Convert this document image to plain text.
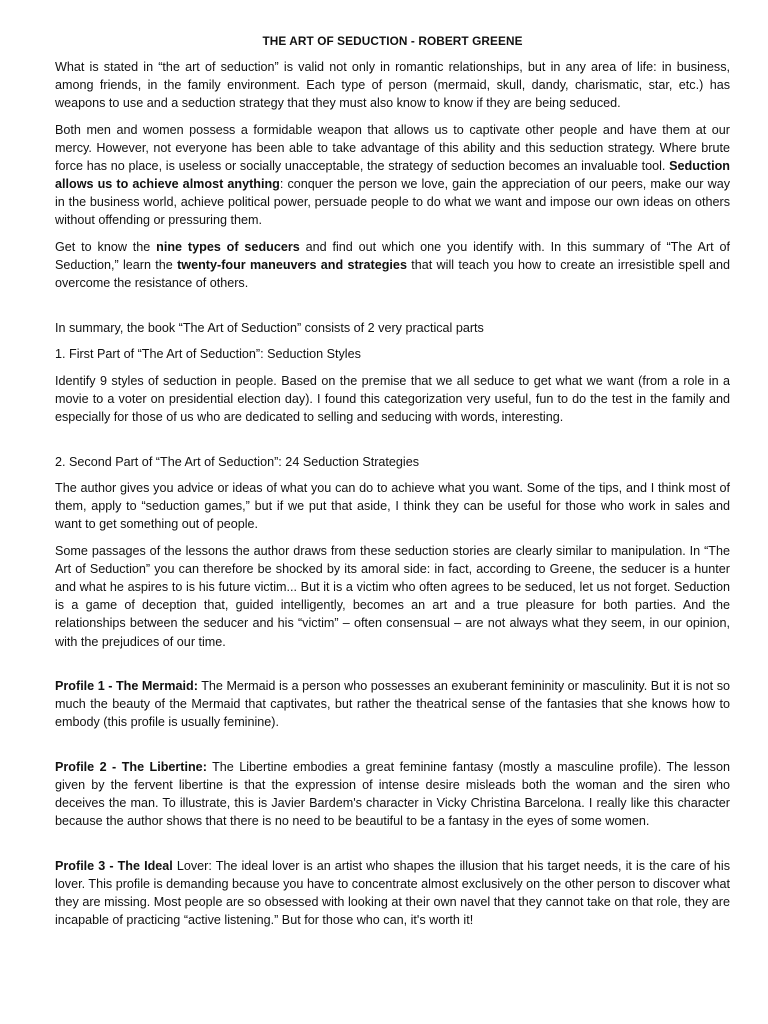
THE ART OF SEDUCTION - ROBERT GREENE

What is stated in “the art of seduction” is valid not only in romantic relationships, but in any area of life: in business, among friends, in the family environment. Each type of person (mermaid, skull, dandy, charismatic, star, etc.) has weapons to use and a seduction strategy that they must also know to know if they are being seduced.

Both men and women possess a formidable weapon that allows us to captivate other people and have them at our mercy. However, not everyone has been able to take advantage of this ability and this seduction strategy. Where brute force has no place, is useless or socially unacceptable, the strategy of seduction becomes an invaluable tool. Seduction allows us to achieve almost anything: conquer the person we love, gain the appreciation of our peers, make our way in the business world, achieve political power, persuade people to do what we want and impose our own ideas on others without offending or pressuring them.

Get to know the nine types of seducers and find out which one you identify with. In this summary of “The Art of Seduction,” learn the twenty-four maneuvers and strategies that will teach you how to create an irresistible spell and overcome the resistance of others.

In summary, the book “The Art of Seduction” consists of 2 very practical parts

1. First Part of “The Art of Seduction”: Seduction Styles

Identify 9 styles of seduction in people. Based on the premise that we all seduce to get what we want (from a role in a movie to a voter on presidential election day). I found this categorization very useful, fun to do the test in the family and especially for those of us who are dedicated to selling and seducing with words, interesting.

2. Second Part of “The Art of Seduction”: 24 Seduction Strategies

The author gives you advice or ideas of what you can do to achieve what you want. Some of the tips, and I think most of them, apply to “seduction games,” but if we put that aside, I think they can be useful for those who work in sales and want to get something out of people.

Some passages of the lessons the author draws from these seduction stories are clearly similar to manipulation. In “The Art of Seduction” you can therefore be shocked by its amoral side: in fact, according to Greene, the seducer is a hunter and what he aspires to is his future victim... But it is a victim who often agrees to be seduced, let us not forget. Seduction is a game of deception that, guided intelligently, becomes an art and a true pleasure for both parties. And the relationships between the seducer and his “victim” – often consensual – are not always what they seem, in our opinion, with the prejudices of our time.

Profile 1 - The Mermaid: The Mermaid is a person who possesses an exuberant femininity or masculinity. But it is not so much the beauty of the Mermaid that captivates, but rather the theatrical sense of the fantasies that she knows how to embody (this profile is usually feminine).

Profile 2 - The Libertine: The Libertine embodies a great feminine fantasy (mostly a masculine profile). The lesson given by the fervent libertine is that the expression of intense desire misleads both the woman and the siren who deceives the man. To illustrate, this is Javier Bardem's character in Vicky Christina Barcelona. I really like this character because the author shows that there is no need to be beautiful to be a fantasy in the eyes of some women.

Profile 3 - The Ideal Lover: The ideal lover is an artist who shapes the illusion that his target needs, it is the care of his lover. This profile is demanding because you have to concentrate almost exclusively on the other person to discover what they are missing. Most people are so obsessed with looking at their own navel that they cannot take on that role, they are incapable of practicing “active listening.” But for those who can, it's worth it!
